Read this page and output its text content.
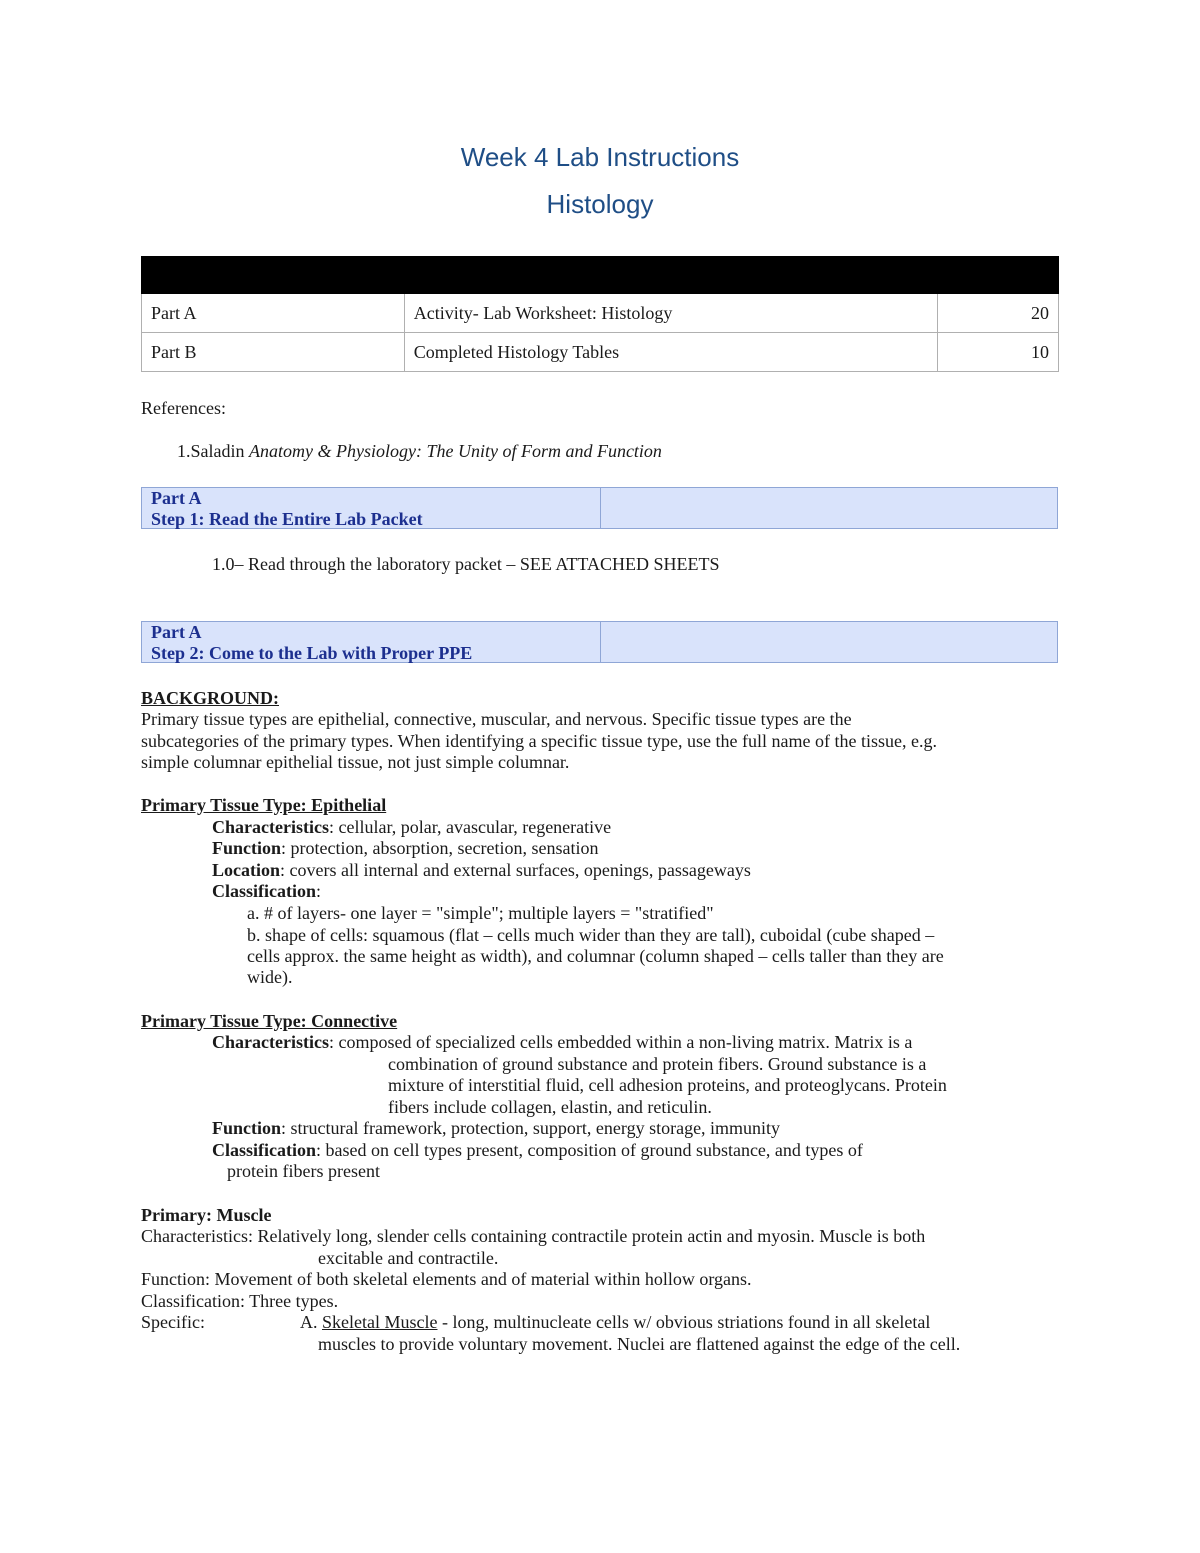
Week 4 Lab Instructions
Histology

Part A	Activity- Lab Worksheet: Histology	20
Part B	Completed Histology Tables	10
References:
1.Saladin Anatomy & Physiology: The Unity of Form and Function
Part A
Step 1: Read the Entire Lab Packet
1.0– Read through the laboratory packet – SEE ATTACHED SHEETS
Part A
Step 2: Come to the Lab with Proper PPE
BACKGROUND:
Primary tissue types are epithelial, connective, muscular, and nervous. Specific tissue types are the
subcategories of the primary types. When identifying a specific tissue type, use the full name of the tissue, e.g.
simple columnar epithelial tissue, not just simple columnar.
Primary Tissue Type: Epithelial
Characteristics: cellular, polar, avascular, regenerative
Function: protection, absorption, secretion, sensation
Location: covers all internal and external surfaces, openings, passageways
Classification:
a. # of layers- one layer = "simple"; multiple layers = "stratified"
b. shape of cells: squamous (flat – cells much wider than they are tall), cuboidal (cube shaped –
cells approx. the same height as width), and columnar (column shaped – cells taller than they are
wide).
Primary Tissue Type: Connective
Characteristics: composed of specialized cells embedded within a non-living matrix. Matrix is a
combination of ground substance and protein fibers. Ground substance is a
mixture of interstitial fluid, cell adhesion proteins, and proteoglycans. Protein
fibers include collagen, elastin, and reticulin.
Function: structural framework, protection, support, energy storage, immunity
Classification: based on cell types present, composition of ground substance, and types of
protein fibers present
Primary: Muscle
Characteristics: Relatively long, slender cells containing contractile protein actin and myosin. Muscle is both
excitable and contractile.
Function: Movement of both skeletal elements and of material within hollow organs.
Classification: Three types.
Specific:	A. Skeletal Muscle - long, multinucleate cells w/ obvious striations found in all skeletal
muscles to provide voluntary movement. Nuclei are flattened against the edge of the cell.
